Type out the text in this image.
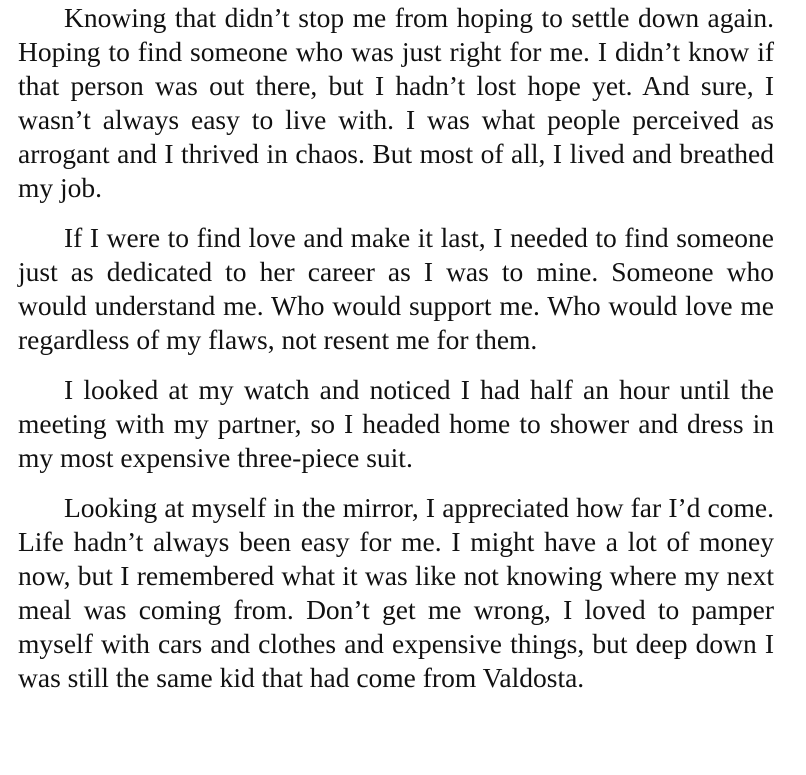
Knowing that didn’t stop me from hoping to settle down again. Hoping to find someone who was just right for me. I didn’t know if that person was out there, but I hadn’t lost hope yet. And sure, I wasn’t always easy to live with. I was what people perceived as arrogant and I thrived in chaos. But most of all, I lived and breathed my job.

If I were to find love and make it last, I needed to find someone just as dedicated to her career as I was to mine. Someone who would understand me. Who would support me. Who would love me regardless of my flaws, not resent me for them.

I looked at my watch and noticed I had half an hour until the meeting with my partner, so I headed home to shower and dress in my most expensive three-piece suit.

Looking at myself in the mirror, I appreciated how far I’d come. Life hadn’t always been easy for me. I might have a lot of money now, but I remembered what it was like not knowing where my next meal was coming from. Don’t get me wrong, I loved to pamper myself with cars and clothes and expensive things, but deep down I was still the same kid that had come from Valdosta.
